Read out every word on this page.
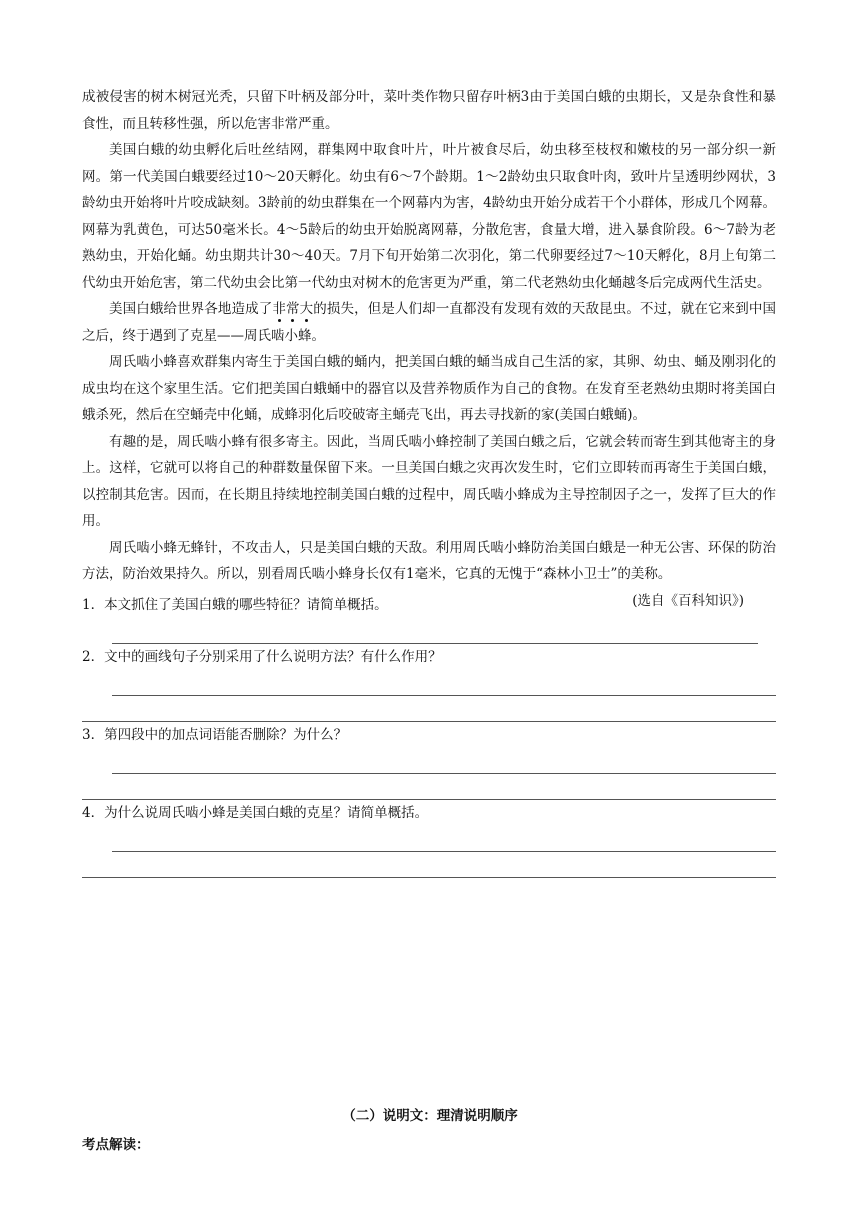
成被侵害的树木树冠光秃，只留下叶柄及部分叶，菜叶类作物只留存叶柄3由于美国白蛾的虫期长，又是杂食性和暴食性，而且转移性强，所以危害非常严重。

美国白蛾的幼虫孵化后吐丝结网，群集网中取食叶片，叶片被食尽后，幼虫移至枝杈和嫩枝的另一部分织一新网。第一代美国白蛾要经过10～20天孵化。幼虫有6～7个龄期。1～2龄幼虫只取食叶肉，致叶片呈透明纱网状，3龄幼虫开始将叶片咬成缺刻。3龄前的幼虫群集在一个网幕内为害，4龄幼虫开始分成若干个小群体，形成几个网幕。网幕为乳黄色，可达50毫米长。4～5龄后的幼虫开始脱离网幕，分散危害，食量大增，进入暴食阶段。6～7龄为老熟幼虫，开始化蛹。幼虫期共计30～40天。7月下旬开始第二次羽化，第二代卵要经过7～10天孵化，8月上旬第二代幼虫开始危害，第二代幼虫会比第一代幼虫对树木的危害更为严重，第二代老熟幼虫化蛹越冬后完成两代生活史。

美国白蛾给世界各地造成了非常大的损失，但是人们却一直都没有发现有效的天敌昆虫。不过，就在它来到中国之后，终于遇到了克星——周氏啮小蜂。

周氏啮小蜂喜欢群集内寄生于美国白蛾的蛹内，把美国白蛾的蛹当成自己生活的家，其卵、幼虫、蛹及刚羽化的成虫均在这个家里生活。它们把美国白蛾蛹中的器官以及营养物质作为自己的食物。在发育至老熟幼虫期时将美国白蛾杀死，然后在空蛹壳中化蛹，成蜂羽化后咬破寄主蛹壳飞出，再去寻找新的家(美国白蛾蛹)。

有趣的是，周氏啮小蜂有很多寄主。因此，当周氏啮小蜂控制了美国白蛾之后，它就会转而寄生到其他寄主的身上。这样，它就可以将自己的种群数量保留下来。一旦美国白蛾之灾再次发生时，它们立即转而再寄生于美国白蛾，以控制其危害。因而，在长期且持续地控制美国白蛾的过程中，周氏啮小蜂成为主导控制因子之一，发挥了巨大的作用。

周氏啮小蜂无蜂针，不攻击人，只是美国白蛾的天敌。利用周氏啮小蜂防治美国白蛾是一种无公害、环保的防治方法，防治效果持久。所以，别看周氏啮小蜂身长仅有1毫米，它真的无愧于“森林小卫士”的美称。
(选自《百科知识》)

1．本文抓住了美国白蛾的哪些特征？请简单概括。

2．文中的画线句子分别采用了什么说明方法？有什么作用？

3．第四段中的加点词语能否删除？为什么？

4．为什么说周氏啮小蜂是美国白蛾的克星？请简单概括。

（二）说明文：理清说明顺序
考点解读：
